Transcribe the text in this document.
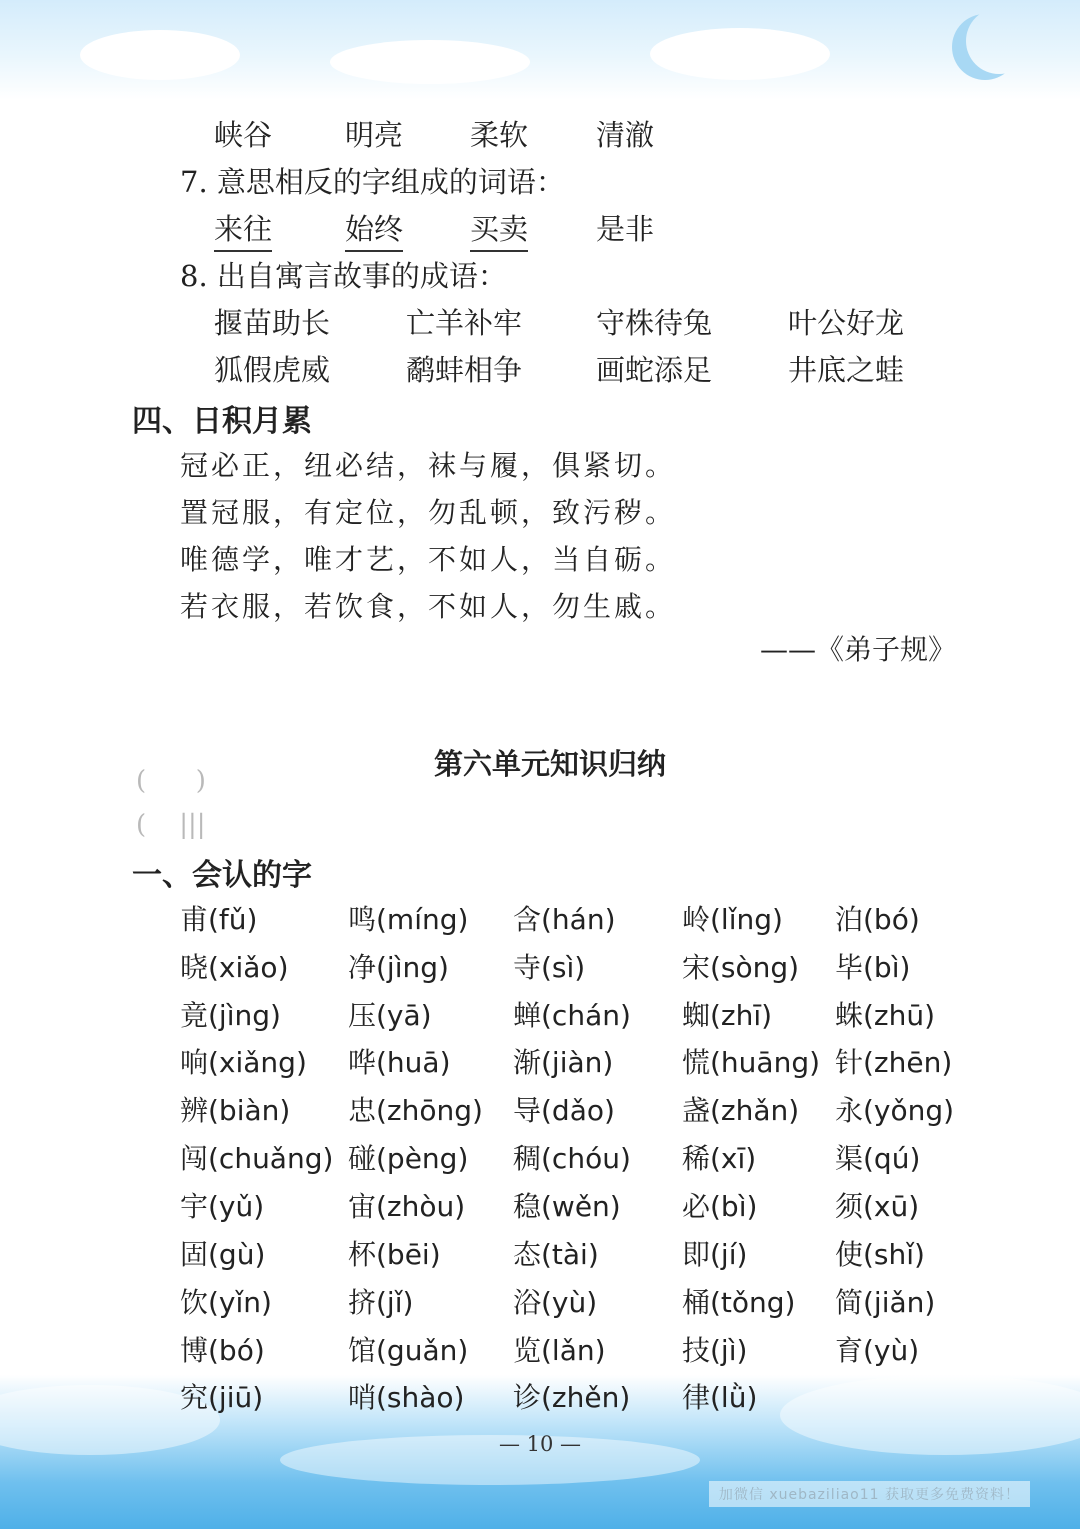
加微信 xuebaziliao11 获取更多免费资料！
— 10 —
峡谷	明亮 柔软 清澈
7. 意思相反的字组成的词语：
来往	始终 买卖 是非
8. 出自寓言故事的成语：
揠苗助长	亡羊补牢	守株待兔	叶公好龙
狐假虎威	鹬蚌相争	画蛇添足	井底之蛙
四、日积月累
冠必正，纽必结，袜与履，俱紧切。
置冠服，有定位，勿乱顿，致污秽。
唯德学，唯才艺，不如人，当自砺。
若衣服，若饮食，不如人，勿生戚。
——《弟子规》
第六单元知识归纳
(      )
(    |||
一、会认的字
甫(fǔ)	鸣(míng) 含(hán) 岭(lǐng) 泊(bó)
晓(xiǎo) 净(jìng) 寺(sì)	宋(sòng) 毕(bì)
竟(jìng) 压(yā)	蝉(chán) 蜘(zhī) 蛛(zhū)
响(xiǎng) 哗(huā) 渐(jiàn) 慌(huāng) 针(zhēn)
辨(biàn) 忠(zhōng) 导(dǎo) 盏(zhǎn) 永(yǒng)
闯(chuǎng) 碰(pèng) 稠(chóu) 稀(xī)	渠(qú)
宇(yǔ)	宙(zhòu) 稳(wěn) 必(bì)	须(xū)
固(gù)	杯(bēi)	态(tài)	即(jí)	使(shǐ)
饮(yǐn)	挤(jǐ)	浴(yù)	桶(tǒng) 简(jiǎn)
博(bó)	馆(guǎn) 览(lǎn)	技(jì)	育(yù)
究(jiū)	哨(shào) 诊(zhěn) 律(lǜ)
